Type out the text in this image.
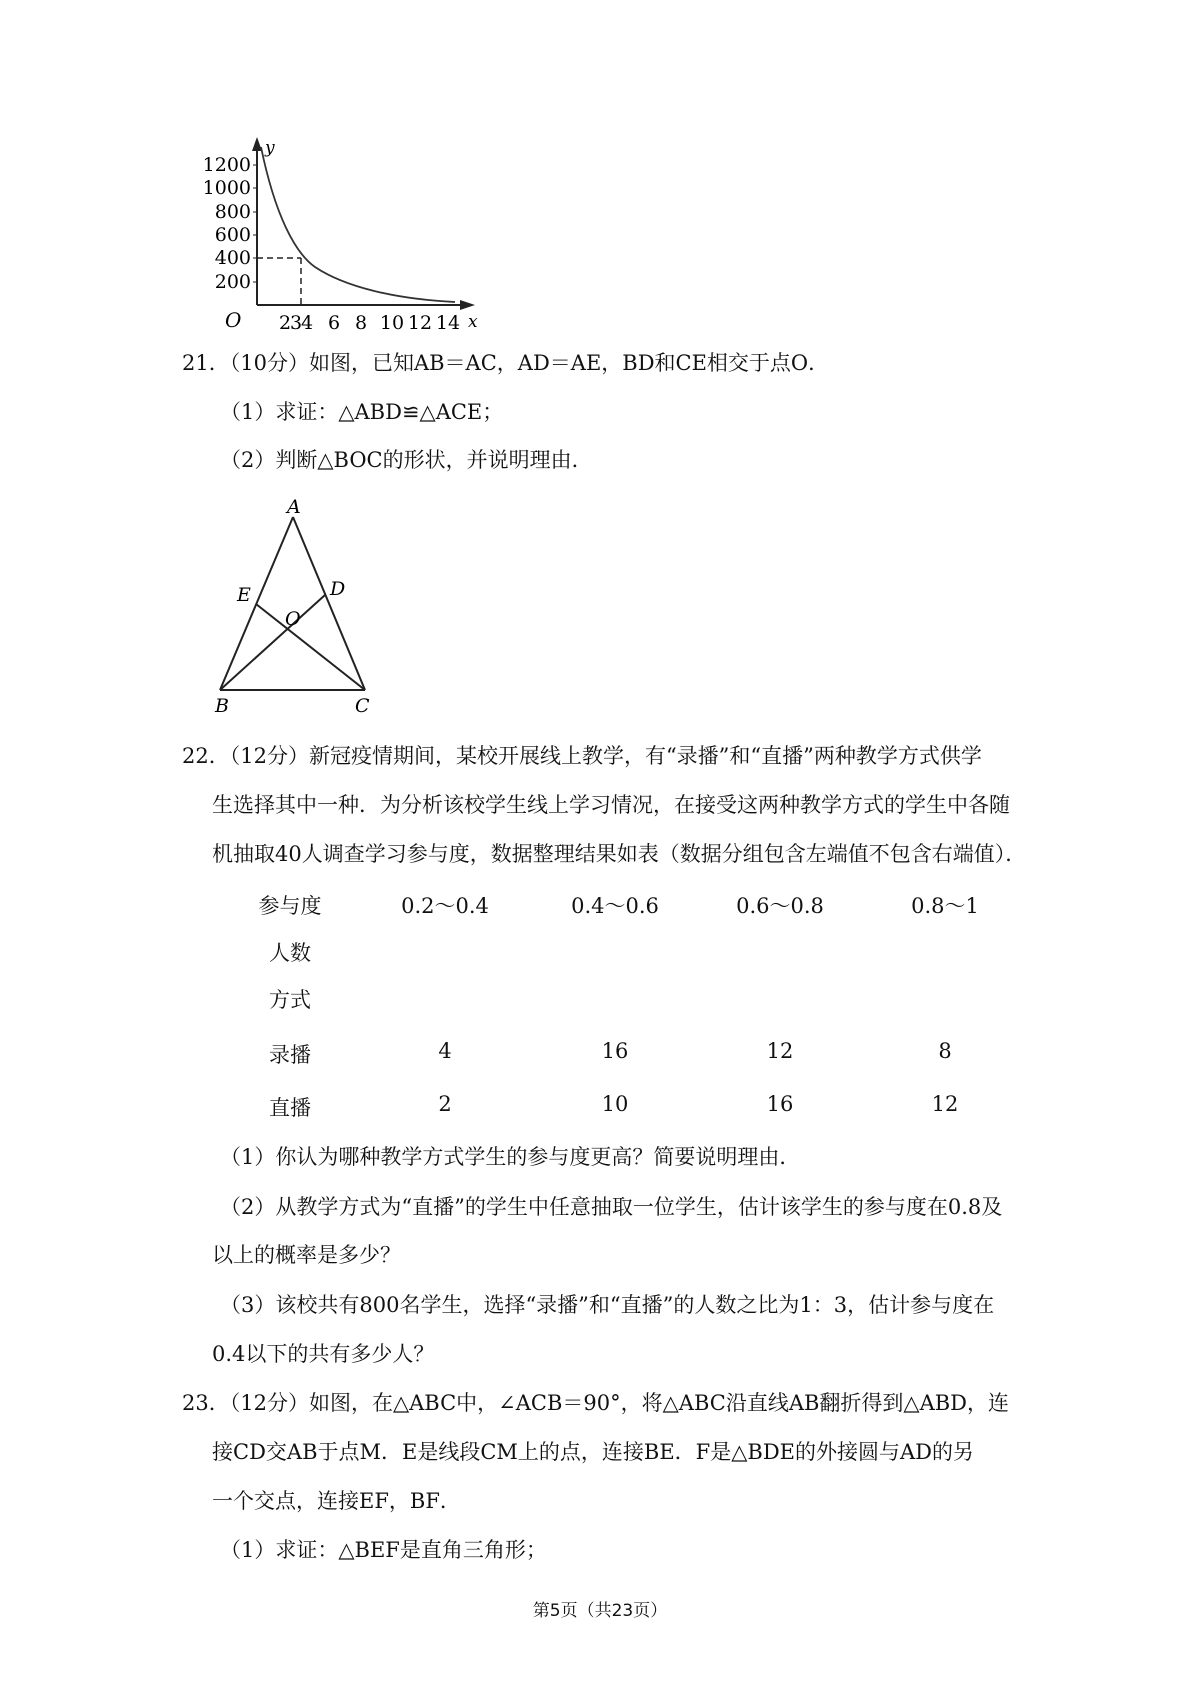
1200
1000
800
600
400
200
2
3
4 6 8 10 12 14
O	x
y
21．（10分）如图，已知AB＝AC，AD＝AE，BD和CE相交于点O．
（1）求证：△ABD≌△ACE；
（2）判断△BOC的形状，并说明理由．
A
B	C
D
E
O
22．（12分）新冠疫情期间，某校开展线上教学，有“录播”和“直播”两种教学方式供学
生选择其中一种．为分析该校学生线上学习情况，在接受这两种教学方式的学生中各随
机抽取40人调查学习参与度，数据整理结果如表（数据分组包含左端值不包含右端值）．
参与度
人数
方式
0.2～0.4	0.4～0.6	0.6～0.8	0.8～1
录播	4	16	12	8
直播	2	10	16	12
（1）你认为哪种教学方式学生的参与度更高？简要说明理由．
（2）从教学方式为“直播”的学生中任意抽取一位学生，估计该学生的参与度在0.8及
以上的概率是多少？
（3）该校共有800名学生，选择“录播”和“直播”的人数之比为1：3，估计参与度在
0.4以下的共有多少人？
23．（12分）如图，在△ABC中，∠ACB＝90°，将△ABC沿直线AB翻折得到△ABD，连
接CD交AB于点M．E是线段CM上的点，连接BE．F是△BDE的外接圆与AD的另
一个交点，连接EF，BF．
（1）求证：△BEF是直角三角形；
第5页（共23页）
